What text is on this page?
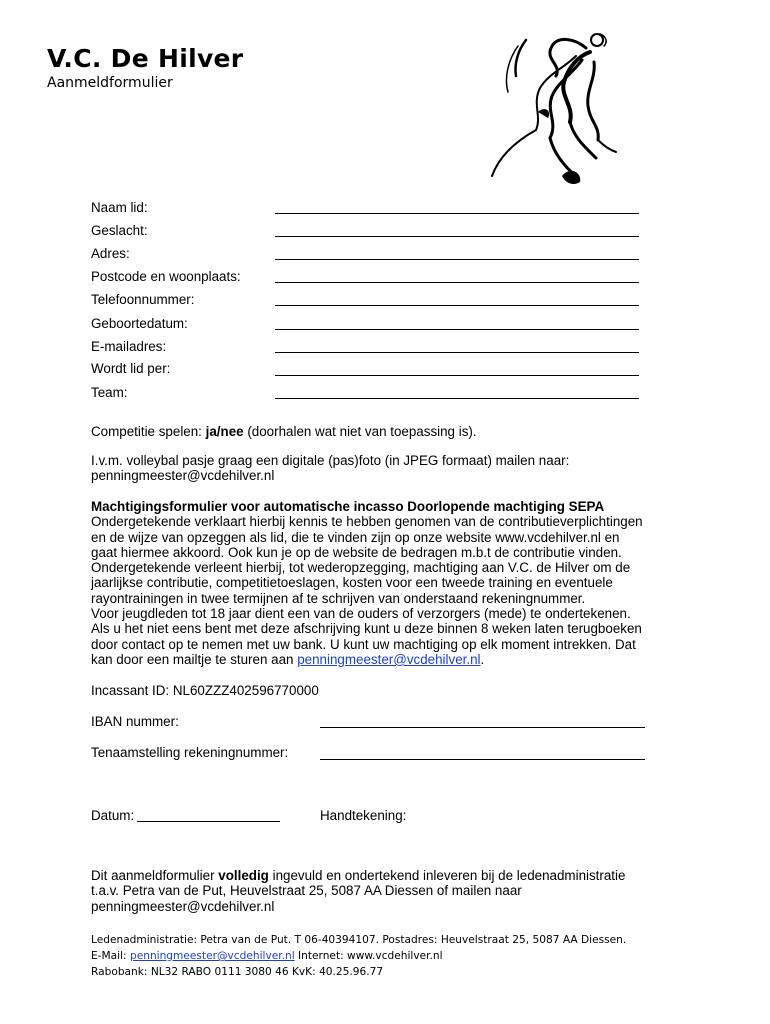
V.C. De Hilver
Aanmeldformulier
Naam lid:
Geslacht:
Adres:
Postcode en woonplaats:
Telefoonnummer:
Geboortedatum:
E-mailadres:
Wordt lid per:
Team:
Competitie spelen: ja/nee (doorhalen wat niet van toepassing is).

I.v.m. volleybal pasje graag een digitale (pas)foto (in JPEG formaat) mailen naar:

penningmeester@vcdehilver.nl

Machtigingsformulier voor automatische incasso Doorlopende machtiging SEPA

Ondergetekende verklaart hierbij kennis te hebben genomen van de contributieverplichtingen

en de wijze van opzeggen als lid, die te vinden zijn op onze website www.vcdehilver.nl en

gaat hiermee akkoord. Ook kun je op de website de bedragen m.b.t de contributie vinden.

Ondergetekende verleent hierbij, tot wederopzegging, machtiging aan V.C. de Hilver om de

jaarlijkse contributie, competitietoeslagen, kosten voor een tweede training en eventuele

rayontrainingen in twee termijnen af te schrijven van onderstaand rekeningnummer.

Voor jeugdleden tot 18 jaar dient een van de ouders of verzorgers (mede) te ondertekenen.

Als u het niet eens bent met deze afschrijving kunt u deze binnen 8 weken laten terugboeken

door contact op te nemen met uw bank. U kunt uw machtiging op elk moment intrekken. Dat

kan door een mailtje te sturen aan penningmeester@vcdehilver.nl.

Incassant ID: NL60ZZZ402596770000
IBAN nummer:
Tenaamstelling rekeningnummer:
Datum:	Handtekening:

Dit aanmeldformulier volledig ingevuld en ondertekend inleveren bij de ledenadministratie

t.a.v. Petra van de Put, Heuvelstraat 25, 5087 AA Diessen of mailen naar

penningmeester@vcdehilver.nl

Ledenadministratie: Petra van de Put. T 06-40394107. Postadres: Heuvelstraat 25, 5087 AA Diessen.
E-Mail: penningmeester@vcdehilver.nl Internet: www.vcdehilver.nl
Rabobank: NL32 RABO 0111 3080 46 KvK: 40.25.96.77
